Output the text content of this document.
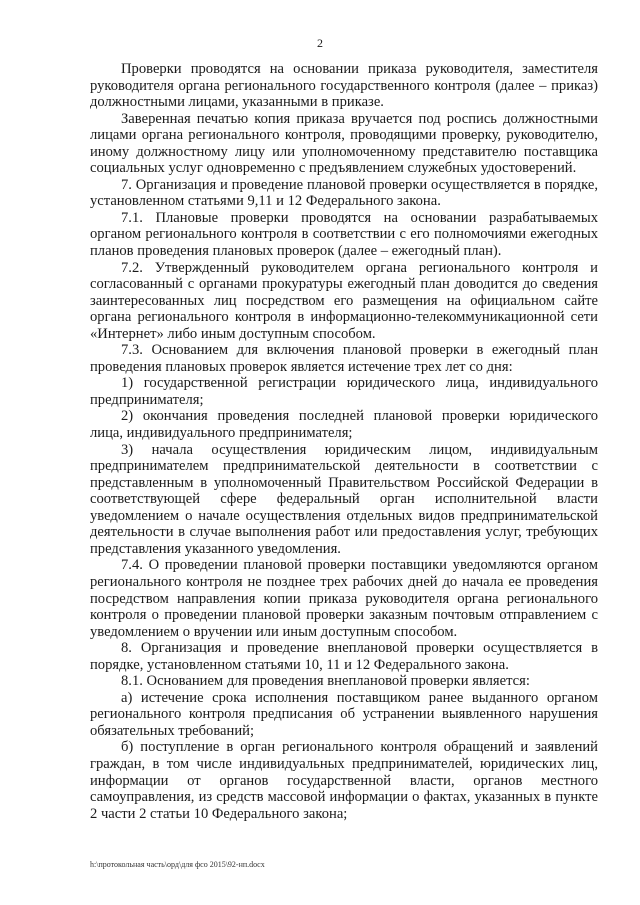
2

Проверки проводятся на основании приказа руководителя, заместителя руководителя органа регионального государственного контроля (далее – приказ) должностными лицами, указанными в приказе.

Заверенная печатью копия приказа вручается под роспись должностными лицами органа регионального контроля, проводящими проверку, руководителю, иному должностному лицу или уполномоченному представителю поставщика социальных услуг одновременно с предъявлением служебных удостоверений.

7. Организация и проведение плановой проверки осуществляется в порядке, установленном статьями 9,11 и 12 Федерального закона.

7.1. Плановые проверки проводятся на основании разрабатываемых органом регионального контроля в соответствии с его полномочиями ежегодных планов проведения плановых проверок (далее – ежегодный план).

7.2. Утвержденный руководителем органа регионального контроля и согласованный с органами прокуратуры ежегодный план доводится до сведения заинтересованных лиц посредством его размещения на официальном сайте органа регионального контроля в информационно-телекоммуникационной сети «Интернет» либо иным доступным способом.

7.3. Основанием для включения плановой проверки в ежегодный план проведения плановых проверок является истечение трех лет со дня:

1) государственной регистрации юридического лица, индивидуального предпринимателя;

2) окончания проведения последней плановой проверки юридического лица, индивидуального предпринимателя;

3) начала осуществления юридическим лицом, индивидуальным предпринимателем предпринимательской деятельности в соответствии с представленным в уполномоченный Правительством Российской Федерации в соответствующей сфере федеральный орган исполнительной власти уведомлением о начале осуществления отдельных видов предпринимательской деятельности в случае выполнения работ или предоставления услуг, требующих представления указанного уведомления.

7.4. О проведении плановой проверки поставщики уведомляются органом регионального контроля не позднее трех рабочих дней до начала ее проведения посредством направления копии приказа руководителя органа регионального контроля о проведении плановой проверки заказным почтовым отправлением с уведомлением о вручении или иным доступным способом.

8. Организация и проведение внеплановой проверки осуществляется в порядке, установленном статьями 10, 11 и 12 Федерального закона.

8.1. Основанием для проведения внеплановой проверки является:

а) истечение срока исполнения поставщиком ранее выданного органом регионального контроля предписания об устранении выявленного нарушения обязательных требований;

б) поступление в орган регионального контроля обращений и заявлений граждан, в том числе индивидуальных предпринимателей, юридических лиц, информации от органов государственной власти, органов местного самоуправления, из средств массовой информации о фактах, указанных в пункте 2 части 2 статьи 10 Федерального закона;

h:\протокольная часть\орд\для фсо 2015\92-нп.docx
